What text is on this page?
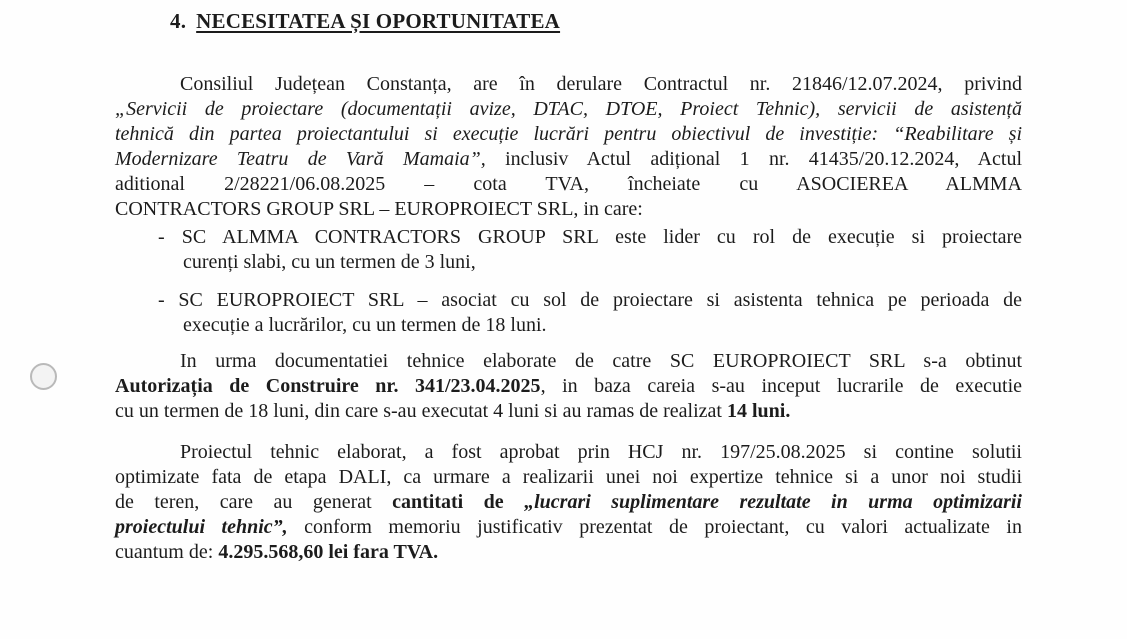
4. NECESITATEA ȘI OPORTUNITATEA
Consiliul Județean Constanța, are în derulare Contractul nr. 21846/12.07.2024, privind
„Servicii de proiectare (documentații avize, DTAC, DTOE, Proiect Tehnic), servicii de asistență
tehnică din partea proiectantului si execuție lucrări pentru obiectivul de investiție: “Reabilitare și
Modernizare Teatru de Vară Mamaia”, inclusiv Actul adițional 1 nr. 41435/20.12.2024, Actul
aditional 2/28221/06.08.2025 – cota TVA, încheiate cu ASOCIEREA ALMMA
CONTRACTORS GROUP SRL – EUROPROIECT SRL, in care:
- SC ALMMA CONTRACTORS GROUP SRL este lider cu rol de execuție si proiectare
curenți slabi, cu un termen de 3 luni,
- SC EUROPROIECT SRL – asociat cu sol de proiectare si asistenta tehnica pe perioada de
execuție a lucrărilor, cu un termen de 18 luni.
In urma documentatiei tehnice elaborate de catre SC EUROPROIECT SRL s-a obtinut
Autorizația de Construire nr. 341/23.04.2025, in baza careia s-au inceput lucrarile de executie
cu un termen de 18 luni, din care s-au executat 4 luni si au ramas de realizat 14 luni.
Proiectul tehnic elaborat, a fost aprobat prin HCJ nr. 197/25.08.2025 si contine solutii
optimizate fata de etapa DALI, ca urmare a realizarii unei noi expertize tehnice si a unor noi studii
de teren, care au generat cantitati de „lucrari suplimentare rezultate in urma optimizarii
proiectului tehnic”, conform memoriu justificativ prezentat de proiectant, cu valori actualizate in
cuantum de: 4.295.568,60 lei fara TVA.
